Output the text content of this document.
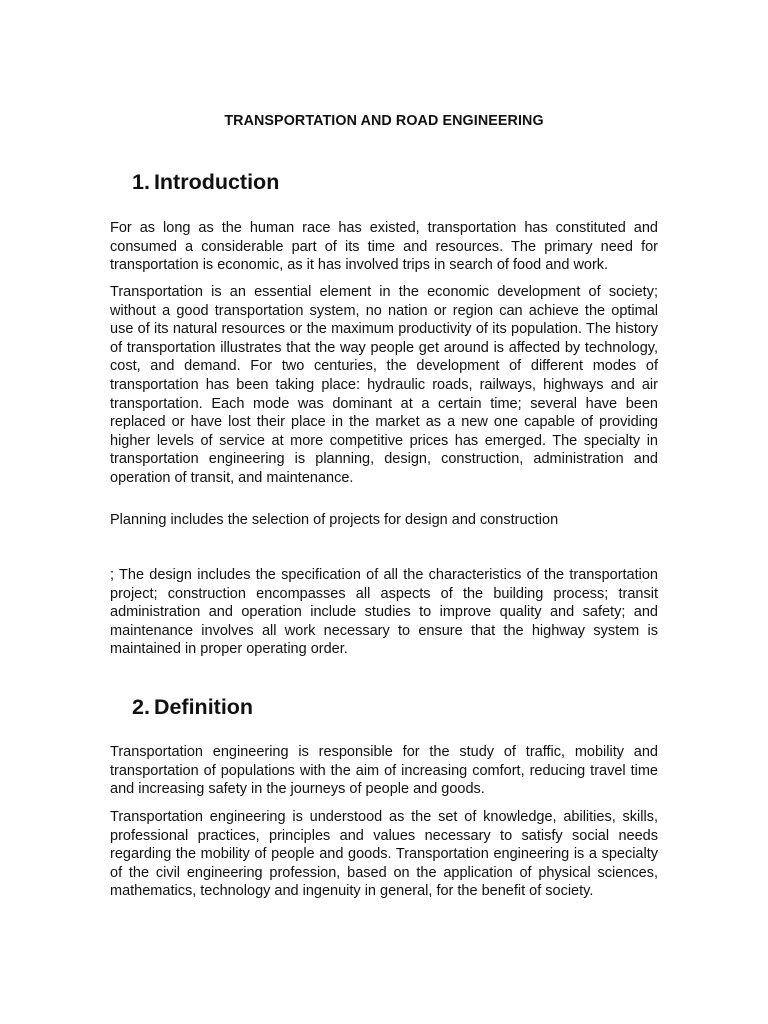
TRANSPORTATION AND ROAD ENGINEERING
1. Introduction

For as long as the human race has existed, transportation has constituted and consumed a considerable part of its time and resources. The primary need for transportation is economic, as it has involved trips in search of food and work.

Transportation is an essential element in the economic development of society; without a good transportation system, no nation or region can achieve the optimal use of its natural resources or the maximum productivity of its population. The history of transportation illustrates that the way people get around is affected by technology, cost, and demand. For two centuries, the development of different modes of transportation has been taking place: hydraulic roads, railways, highways and air transportation. Each mode was dominant at a certain time; several have been replaced or have lost their place in the market as a new one capable of providing higher levels of service at more competitive prices has emerged. The specialty in transportation engineering is planning, design, construction, administration and operation of transit, and maintenance.

Planning includes the selection of projects for design and construction

; The design includes the specification of all the characteristics of the transportation project; construction encompasses all aspects of the building process; transit administration and operation include studies to improve quality and safety; and maintenance involves all work necessary to ensure that the highway system is maintained in proper operating order.

2. Definition

Transportation engineering is responsible for the study of traffic, mobility and transportation of populations with the aim of increasing comfort, reducing travel time and increasing safety in the journeys of people and goods.

Transportation engineering is understood as the set of knowledge, abilities, skills, professional practices, principles and values necessary to satisfy social needs regarding the mobility of people and goods. Transportation engineering is a specialty of the civil engineering profession, based on the application of physical sciences, mathematics, technology and ingenuity in general, for the benefit of society.
